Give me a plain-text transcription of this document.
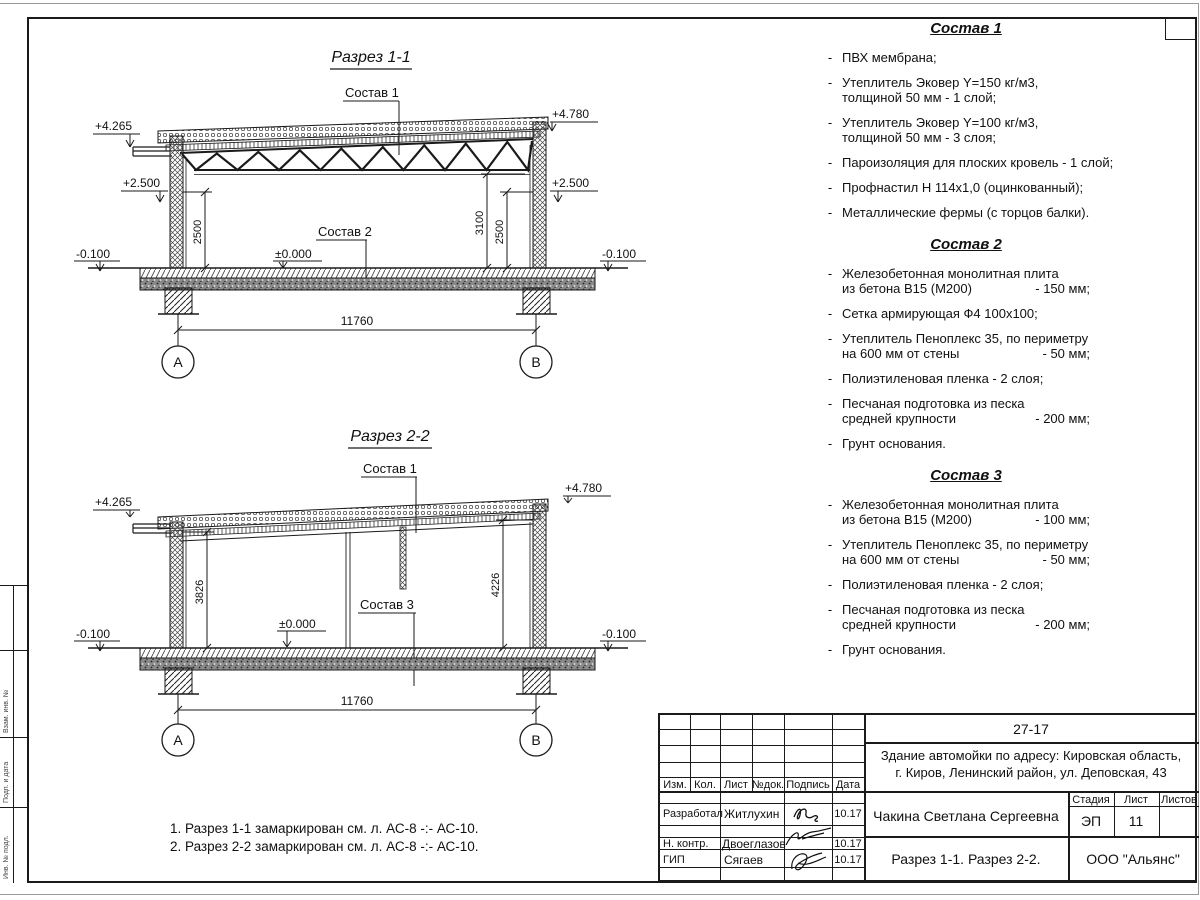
Взам. инв. №
Подп. и дата
Инв. № подл.
Разрез 1-1
Состав 1
+4.265
+4.780
+2.500	+2.500
±0.000
-0.100	-0.100
2500	3100 2500
Состав 2
11760
А	В
Разрез 2-2
Состав 1
Состав 3
+4.265
+4.780
±0.000
-0.100	-0.100
3826	4226
11760
А	В
Состав 1
- ПВХ мембрана;
- Утеплитель Эковер Y=150 кг/м3,
толщиной 50 мм - 1 слой;
- Утеплитель Эковер Y=100 кг/м3,
толщиной 50 мм - 3 слоя;
- Пароизоляция для плоских кровель - 1 слой;
- Профнастил Н 114х1,0 (оцинкованный);
- Металлические фермы (с торцов балки).
Состав 2
- Железобетонная монолитная плита
из бетона В15 (М200)	- 150 мм;
- Сетка армирующая Ф4 100х100;
- Утеплитель Пеноплекс 35, по периметру
на 600 мм от стены	- 50 мм;
- Полиэтиленовая пленка - 2 слоя;
- Песчаная подготовка из песка
средней крупности	- 200 мм;
- Грунт основания.
Состав 3
- Железобетонная монолитная плита
из бетона В15 (М200)	- 100 мм;
- Утеплитель Пеноплекс 35, по периметру
на 600 мм от стены	- 50 мм;
- Полиэтиленовая пленка - 2 слоя;
- Песчаная подготовка из песка
средней крупности	- 200 мм;
- Грунт основания.
1. Разрез 1-1 замаркирован см. л. АС-8 -:- АС-10.
2. Разрез 2-2 замаркирован см. л. АС-8 -:- АС-10.
27-17
Здание автомойки по адресу: Кировская область,
г. Киров, Ленинский район, ул. Деповская, 43
Изм. Кол. Лист №док. Подпись Дата
Разработал Житлухин	10.17
Н. контр. Двоеглазов	10.17
ГИП	Сягаев	10.17
Чакина Светлана Сергеевна
Стадия Лист Листов
ЭП 11
Разрез 1-1. Разрез 2-2.	ООО "Альянс"
